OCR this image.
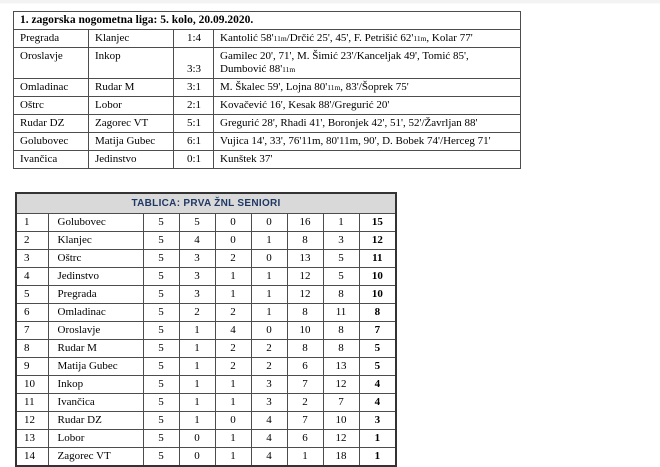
1. zagorska nogometna liga: 5. kolo, 20.09.2020.			
Pregrada	Klanjec	1:4	Kantolić 58'11m/Drčić 25', 45', F. Petrišić 62'11m, Kolar 77'
Oroslavje	Inkop	3:3	Gamilec 20', 71', M. Šimić 23'/Kanceljak 49', Tomić 85', Dumbović 88'11m
Omladinac	Rudar M	3:1	M. Škalec 59', Lojna 80'11m, 83'/Šoprek 75'
Oštrc	Lobor	2:1	Kovačević 16', Kesak 88'/Gregurić 20'
Rudar DZ	Zagorec VT	5:1	Gregurić 28', Rhadi 41', Boronjek 42', 51', 52'/Žavrljan 88'
Golubovec	Matija Gubec	6:1	Vujica 14', 33', 76'11m, 80'11m, 90', D. Bobek 74'/Herceg 71'
Ivančica	Jedinstvo	0:1	Kunštek 37'
TABLICA: PRVA ŽNL SENIORI								
1	Golubovec	5	5	0	0	16	1	15
2	Klanjec	5	4	0	1	8	3	12
3	Oštrc	5	3	2	0	13	5	11
4	Jedinstvo	5	3	1	1	12	5	10
5	Pregrada	5	3	1	1	12	8	10
6	Omladinac	5	2	2	1	8	11	8
7	Oroslavje	5	1	4	0	10	8	7
8	Rudar M	5	1	2	2	8	8	5
9	Matija Gubec	5	1	2	2	6	13	5
10	Inkop	5	1	1	3	7	12	4
11	Ivančica	5	1	1	3	2	7	4
12	Rudar DZ	5	1	0	4	7	10	3
13	Lobor	5	0	1	4	6	12	1
14	Zagorec VT	5	0	1	4	1	18	1
